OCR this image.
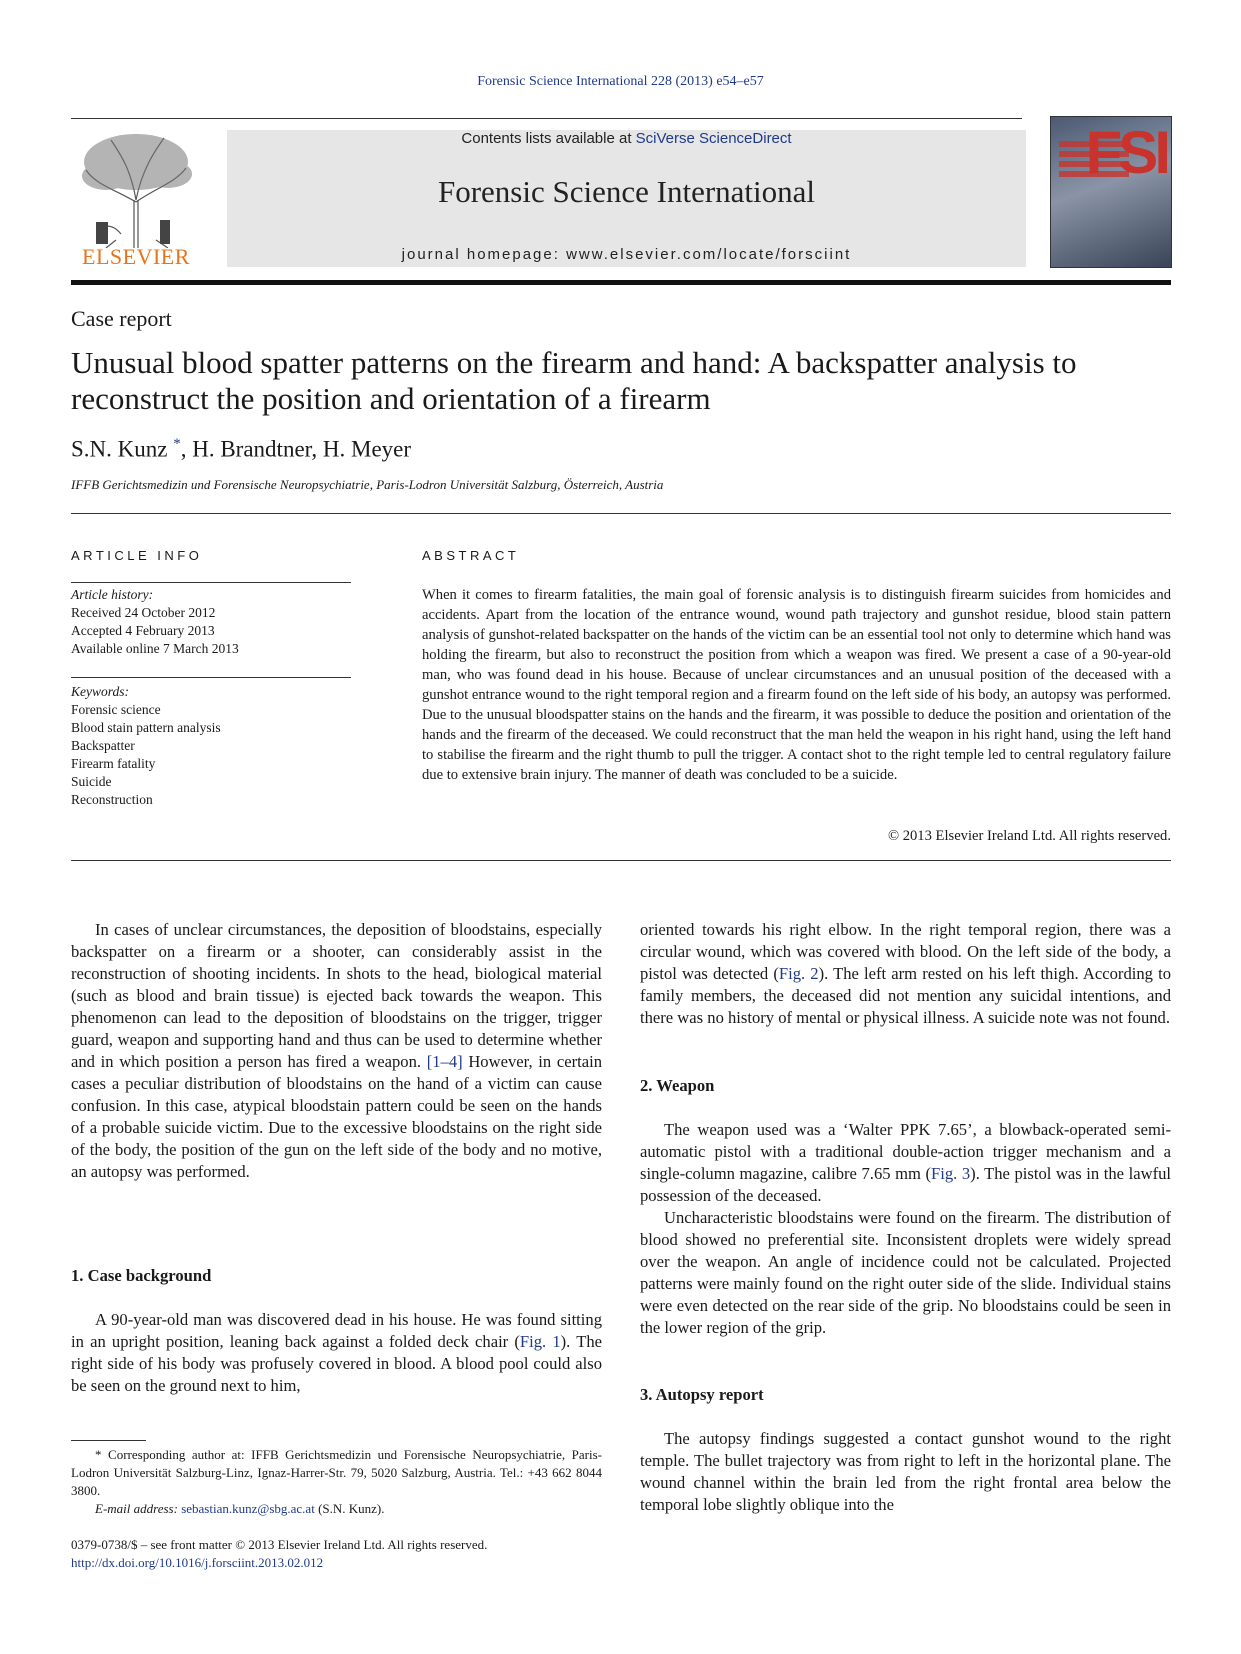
Forensic Science International 228 (2013) e54–e57
ELSEVIER
Contents lists available at SciVerse ScienceDirect
Forensic Science International
journal homepage: www.elsevier.com/locate/forsciint
FSI
Case report
Unusual blood spatter patterns on the firearm and hand: A backspatter analysis to reconstruct the position and orientation of a firearm
S.N. Kunz *, H. Brandtner, H. Meyer
IFFB Gerichtsmedizin und Forensische Neuropsychiatrie, Paris-Lodron Universität Salzburg, Österreich, Austria
ARTICLE INFO
Article history:
Received 24 October 2012
Accepted 4 February 2013
Available online 7 March 2013
Keywords:
Forensic science
Blood stain pattern analysis
Backspatter
Firearm fatality
Suicide
Reconstruction
ABSTRACT
When it comes to firearm fatalities, the main goal of forensic analysis is to distinguish firearm suicides from homicides and accidents. Apart from the location of the entrance wound, wound path trajectory and gunshot residue, blood stain pattern analysis of gunshot-related backspatter on the hands of the victim can be an essential tool not only to determine which hand was holding the firearm, but also to reconstruct the position from which a weapon was fired. We present a case of a 90-year-old man, who was found dead in his house. Because of unclear circumstances and an unusual position of the deceased with a gunshot entrance wound to the right temporal region and a firearm found on the left side of his body, an autopsy was performed. Due to the unusual bloodspatter stains on the hands and the firearm, it was possible to deduce the position and orientation of the hands and the firearm of the deceased. We could reconstruct that the man held the weapon in his right hand, using the left hand to stabilise the firearm and the right thumb to pull the trigger. A contact shot to the right temple led to central regulatory failure due to extensive brain injury. The manner of death was concluded to be a suicide.
© 2013 Elsevier Ireland Ltd. All rights reserved.

In cases of unclear circumstances, the deposition of bloodstains, especially backspatter on a firearm or a shooter, can considerably assist in the reconstruction of shooting incidents. In shots to the head, biological material (such as blood and brain tissue) is ejected back towards the weapon. This phenomenon can lead to the deposition of bloodstains on the trigger, trigger guard, weapon and supporting hand and thus can be used to determine whether and in which position a person has fired a weapon. [1–4] However, in certain cases a peculiar distribution of bloodstains on the hand of a victim can cause confusion. In this case, atypical bloodstain pattern could be seen on the hands of a probable suicide victim. Due to the excessive bloodstains on the right side of the body, the position of the gun on the left side of the body and no motive, an autopsy was performed.

1. Case background

A 90-year-old man was discovered dead in his house. He was found sitting in an upright position, leaning back against a folded deck chair (Fig. 1). The right side of his body was profusely covered in blood. A blood pool could also be seen on the ground next to him,

* Corresponding author at: IFFB Gerichtsmedizin und Forensische Neuropsychiatrie, Paris-Lodron Universität Salzburg-Linz, Ignaz-Harrer-Str. 79, 5020 Salzburg, Austria. Tel.: +43 662 8044 3800.

E-mail address: sebastian.kunz@sbg.ac.at (S.N. Kunz).

0379-0738/$ – see front matter © 2013 Elsevier Ireland Ltd. All rights reserved.
http://dx.doi.org/10.1016/j.forsciint.2013.02.012

oriented towards his right elbow. In the right temporal region, there was a circular wound, which was covered with blood. On the left side of the body, a pistol was detected (Fig. 2). The left arm rested on his left thigh. According to family members, the deceased did not mention any suicidal intentions, and there was no history of mental or physical illness. A suicide note was not found.

2. Weapon

The weapon used was a ‘Walter PPK 7.65’, a blowback-operated semi-automatic pistol with a traditional double-action trigger mechanism and a single-column magazine, calibre 7.65 mm (Fig. 3). The pistol was in the lawful possession of the deceased.

Uncharacteristic bloodstains were found on the firearm. The distribution of blood showed no preferential site. Inconsistent droplets were widely spread over the weapon. An angle of incidence could not be calculated. Projected patterns were mainly found on the right outer side of the slide. Individual stains were even detected on the rear side of the grip. No bloodstains could be seen in the lower region of the grip.

3. Autopsy report

The autopsy findings suggested a contact gunshot wound to the right temple. The bullet trajectory was from right to left in the horizontal plane. The wound channel within the brain led from the right frontal area below the temporal lobe slightly oblique into the
